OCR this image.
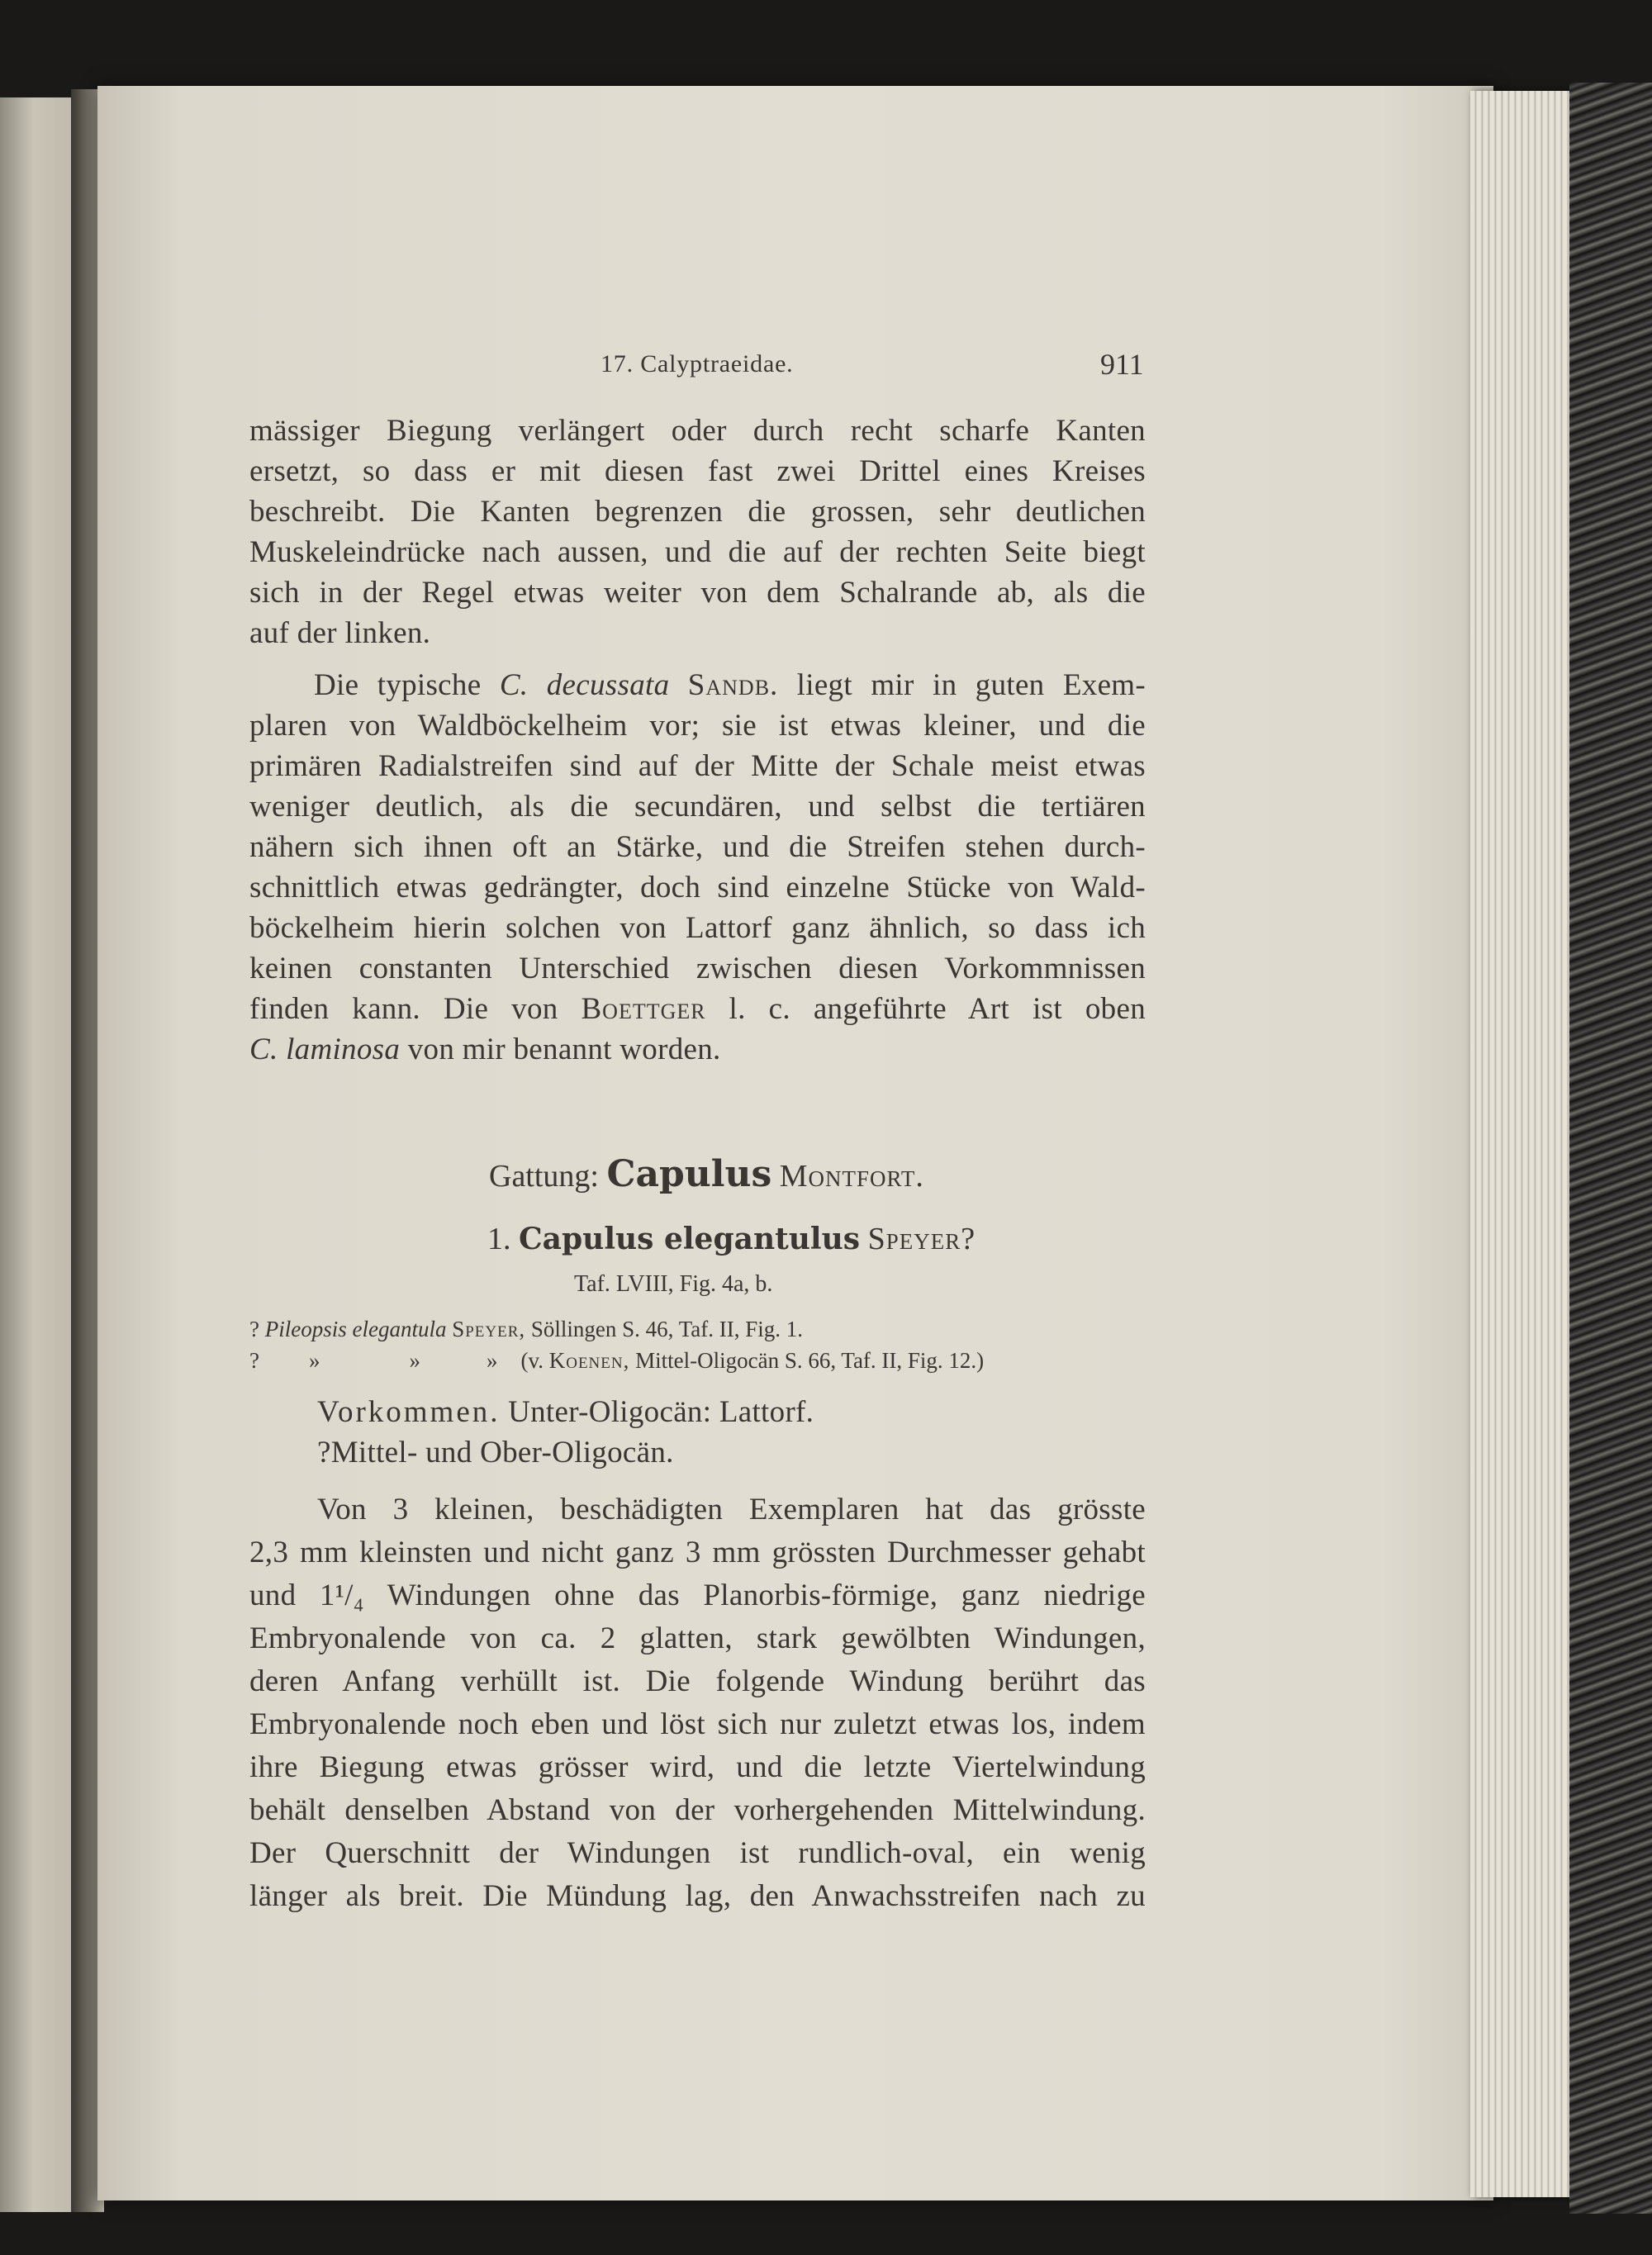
17. Calyptraeidae.	911
mässiger Biegung verlängert oder durch recht scharfe Kanten
ersetzt, so dass er mit diesen fast zwei Drittel eines Kreises
beschreibt. Die Kanten begrenzen die grossen, sehr deutlichen
Muskeleindrücke nach aussen, und die auf der rechten Seite biegt
sich in der Regel etwas weiter von dem Schalrande ab, als die
auf der linken.
Die typische C. decussata Sandb. liegt mir in guten Exem-
plaren von Waldböckelheim vor; sie ist etwas kleiner, und die
primären Radialstreifen sind auf der Mitte der Schale meist etwas
weniger deutlich, als die secundären, und selbst die tertiären
nähern sich ihnen oft an Stärke, und die Streifen stehen durch-
schnittlich etwas gedrängter, doch sind einzelne Stücke von Wald-
böckelheim hierin solchen von Lattorf ganz ähnlich, so dass ich
keinen constanten Unterschied zwischen diesen Vorkommnissen
finden kann. Die von Boettger l. c. angeführte Art ist oben
C. laminosa von mir benannt worden.
Gattung: Capulus Montfort.
1. Capulus elegantulus Speyer?
Taf. LVIII, Fig. 4a, b.
? Pileopsis elegantula Speyer, Söllingen S. 46, Taf. II, Fig. 1.
? »	»	» (v. Koenen, Mittel-Oligocän S. 66, Taf. II, Fig. 12.)
Vorkommen. Unter-Oligocän: Lattorf.
?Mittel- und Ober-Oligocän.
Von 3 kleinen, beschädigten Exemplaren hat das grösste
2,3 mm kleinsten und nicht ganz 3 mm grössten Durchmesser gehabt
und 1¹/₄ Windungen ohne das Planorbis-förmige, ganz niedrige
Embryonalende von ca. 2 glatten, stark gewölbten Windungen,
deren Anfang verhüllt ist. Die folgende Windung berührt das
Embryonalende noch eben und löst sich nur zuletzt etwas los, indem
ihre Biegung etwas grösser wird, und die letzte Viertelwindung
behält denselben Abstand von der vorhergehenden Mittelwindung.
Der Querschnitt der Windungen ist rundlich-oval, ein wenig
länger als breit. Die Mündung lag, den Anwachsstreifen nach zu
